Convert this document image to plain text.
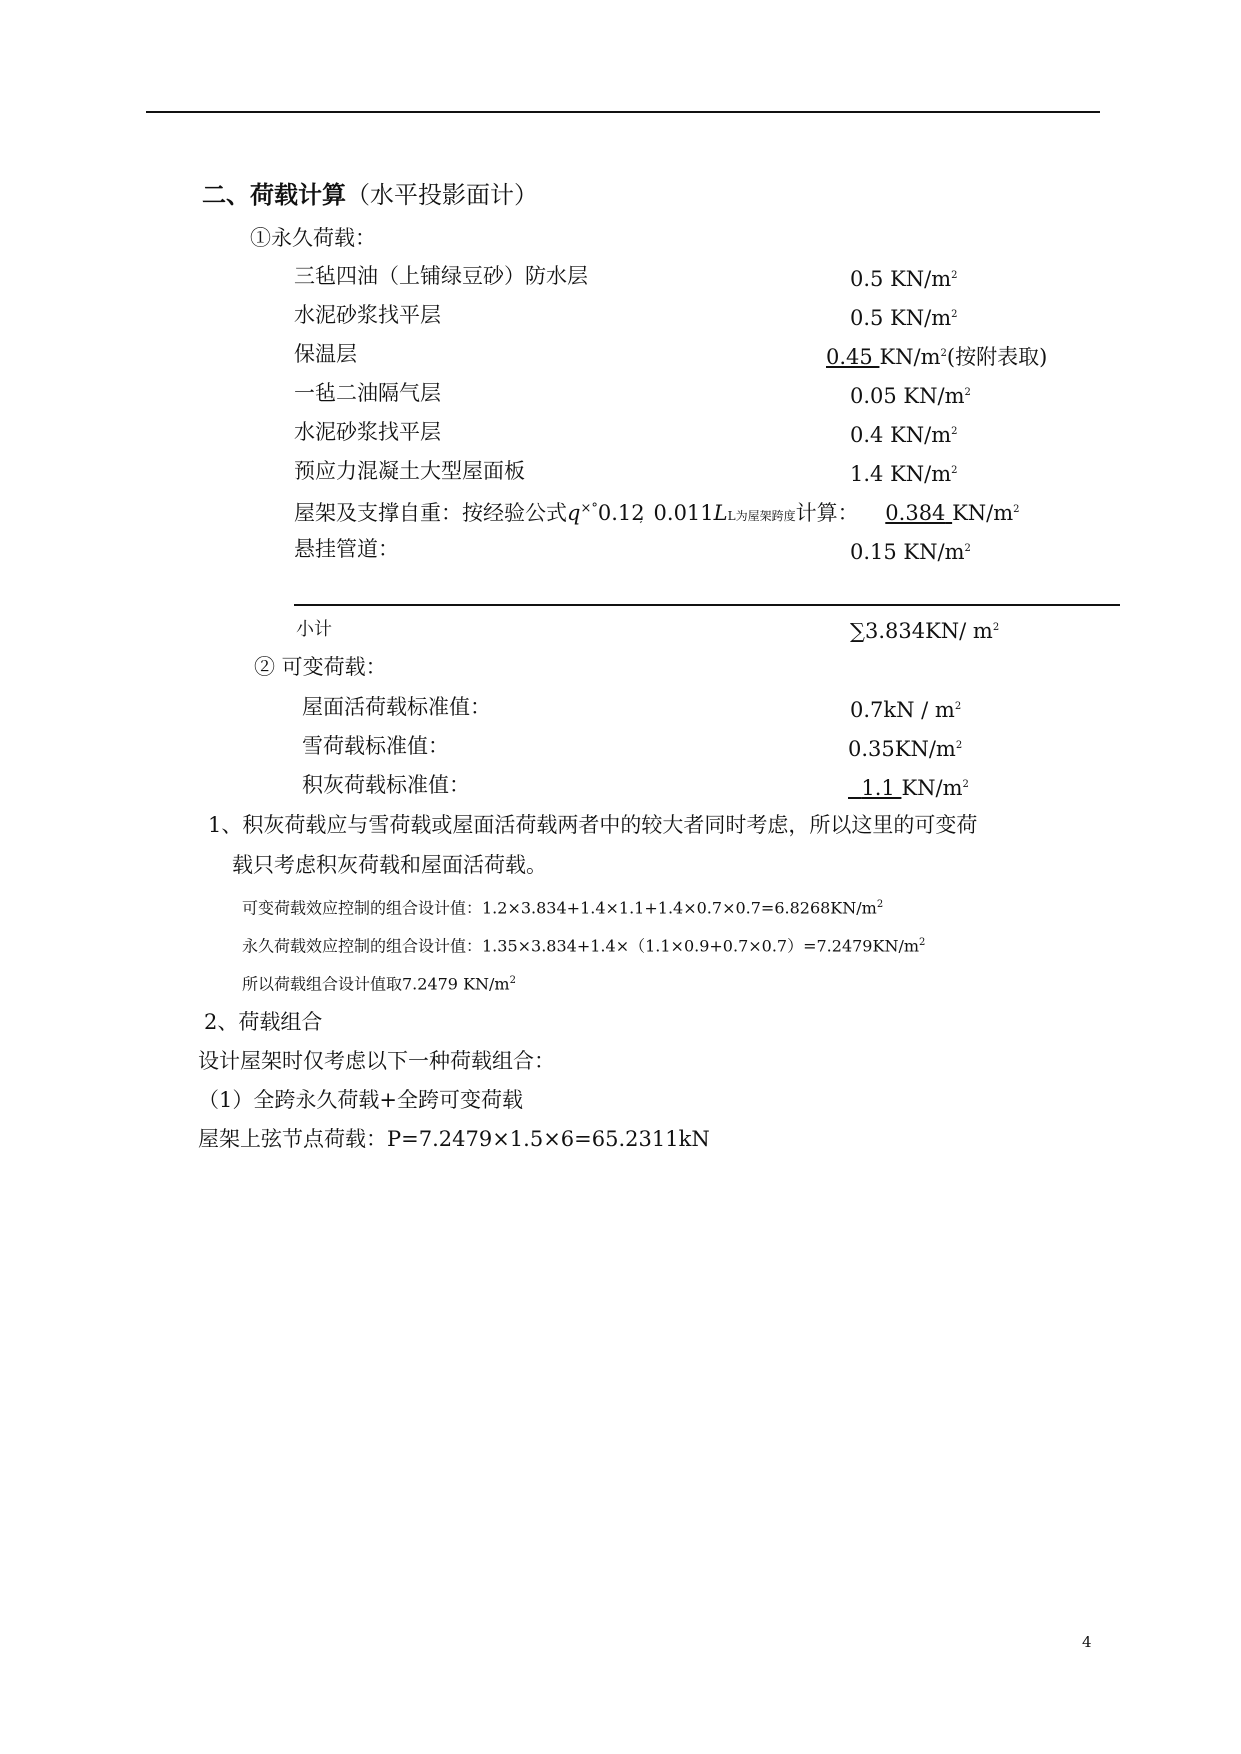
二、荷载计算（水平投影面计）
①永久荷载：
三毡四油（上铺绿豆砂）防水层	0.5 $KN/m^2$
水泥砂浆找平层	0.5 $KN/m^2$
保温层	0.45 $KN/m^2$(按附表取)
一毡二油隔气层	0.05 $KN/m^2$
水泥砂浆找平层	0.4 $KN/m^2$
预应力混凝土大型屋面板	1.4 $KN/m^2$
屋架及支撑自重：按经验公式q×°0.12̦  0.011LL为屋架跨度计算： 0.384 $KN/m^2$
悬挂管道：	0.15 $KN/m^2$
小计	∑3.834KN/ $m^2$
② 可变荷载：
屋面活荷载标准值：	$0.7kN / m^2$
雪荷载标准值：	$0.35KN/m^2$
积灰荷载标准值：	1.1 $KN/m^2$
1、积灰荷载应与雪荷载或屋面活荷载两者中的较大者同时考虑，所以这里的可变荷
载只考虑积灰荷载和屋面活荷载。
可变荷载效应控制的组合设计值：$1.2\times 3.834+1.4\times 1.1+1.4\times 0.7\times 0.7=6.8268KN/m^2$
永久荷载效应控制的组合设计值：$1.35\times 3.834+1.4\times(1.1\times 0.9+0.7\times 0.7)=7.2479KN/m^2$
所以荷载组合设计值取7.2479 $KN/m^2$
2、荷载组合
设计屋架时仅考虑以下一种荷载组合：
（1）全跨永久荷载+全跨可变荷载
屋架上弦节点荷载：P=7.2479×1.5×6=65.2311kN
4
